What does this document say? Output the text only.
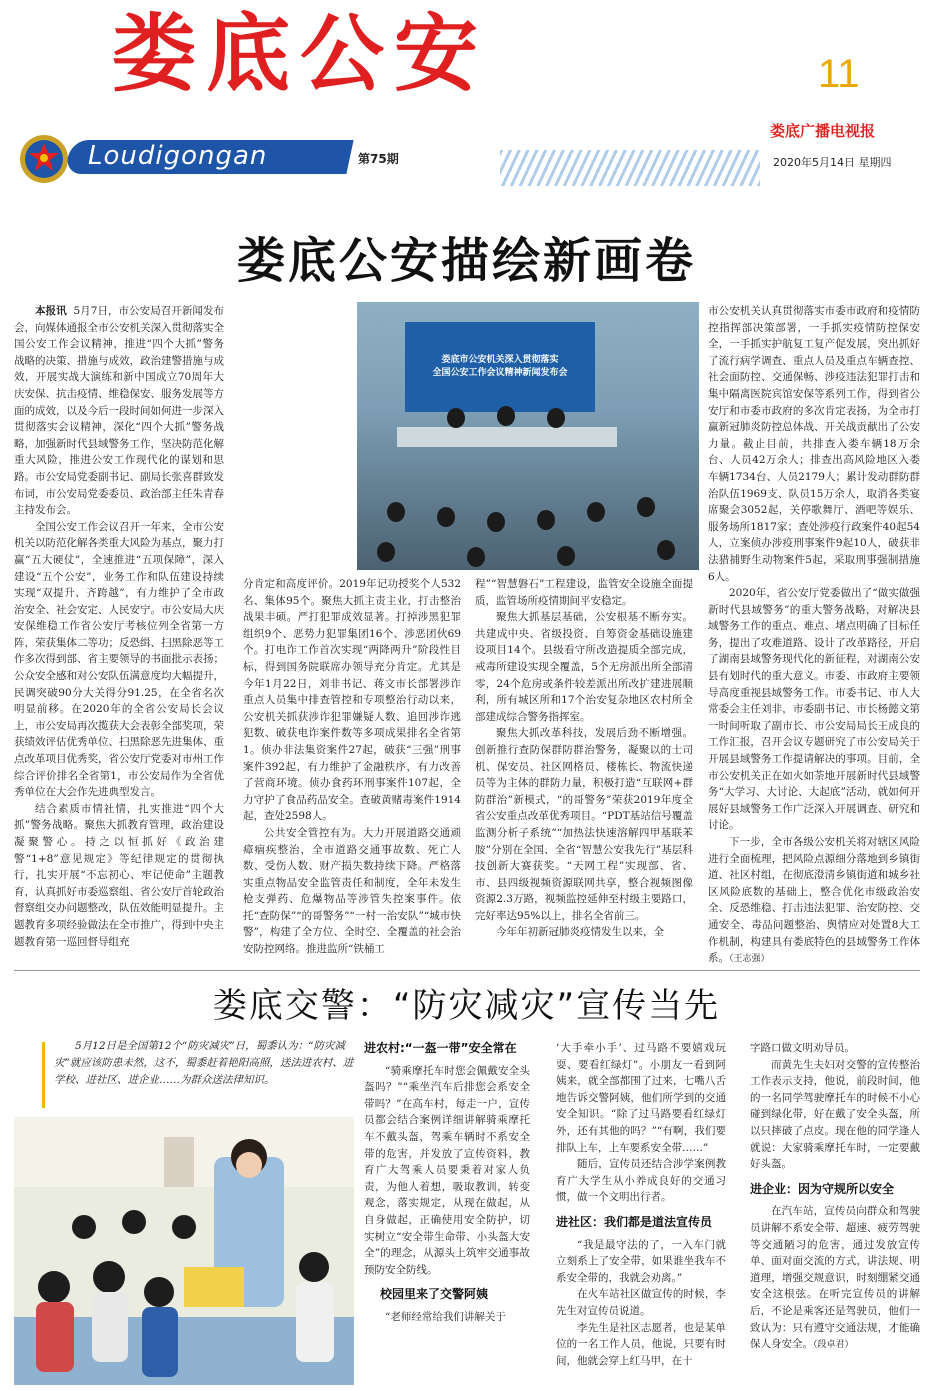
娄底公安	11
娄底广播电视报
2020年5月14日 星期四
Loudigongan	第75期
娄底公安描绘新画卷

本报讯 5月7日，市公安局召开新闻发布会，向媒体通报全市公安机关深入贯彻落实全国公安工作会议精神，推进“四个大抓”警务战略的决策、措施与成效，政治建警措施与成效，开展实战大演练和新中国成立70周年大庆安保、抗击疫情、维稳保安、服务发展等方面的成效，以及今后一段时间如何进一步深入贯彻落实会议精神，深化“四个大抓”警务战略，加强新时代县域警务工作，坚决防范化解重大风险，推进公安工作现代化的谋划和思路。市公安局党委副书记、副局长张喜群致发布词，市公安局党委委员、政治部主任朱青春主持发布会。

全国公安工作会议召开一年来，全市公安机关以防范化解各类重大风险为基点，聚力打赢“五大硬仗”，全速推进“五项保障”，深入建设“五个公安”，业务工作和队伍建设持续实现“双提升、齐跨越”，有力维护了全市政治安全、社会安定、人民安宁。市公安局大庆安保维稳工作省公安厅考核位列全省第一方阵，荣获集体二等功；反恐缉、扫黑除恶等工作多次得到部、省主要领导的书面批示表扬；公众安全感和对公安队伍满意度均大幅提升，民调突破90分大关得分91.25，在全省名次明显前移。在2020年的全省公安局长会议上，市公安局再次揽获大会表彰全部奖项，荣获绩效评估优秀单位、扫黑除恶先进集体、重点改革项目优秀奖，省公安厅党委对市州工作综合评价排名全省第1，市公安局作为全省优秀单位在大会作先进典型发言。

结合素质市情社情，扎实推进“四个大抓”警务战略。聚焦大抓教育管理，政治建设凝聚警心。持之以恒抓好《政治建警“1+8”意见规定》等纪律规定的贯彻执行，扎实开展“不忘初心、牢记使命”主题教育，认真抓好市委巡察组、省公安厅首轮政治督察组交办问题整改，队伍效能明显提升。主题教育多项经验做法在全市推广，得到中央主题教育第一巡回督导组充

娄底市公安机关深入贯彻落实
全国公安工作会议精神新闻发布会

分肯定和高度评价。2019年记功授奖个人532名、集体95个。聚焦大抓主责主业，打击整治战果丰硕。严打犯罪成效显著。打掉涉黑犯罪组织9个、恶势力犯罪集团16个、涉恶团伙69个。打电诈工作首次实现“两降两升”阶段性目标，得到国务院联席办领导充分肯定。尤其是今年1月22日，刘非书记、蒋文市长部署涉诈重点人员集中排查管控和专项整治行动以来，公安机关抓获涉诈犯罪嫌疑人数、追回涉诈逃犯数、破获电诈案件数等多项成果排名全省第1。侦办非法集资案件27起，破获“三强”刑事案件392起，有力维护了金融秩序，有力改善了营商环境。侦办食药环刑事案件107起，全力守护了食品药品安全。查破黄赌毒案件1914起，查处2598人。

公共安全管控有为。大力开展道路交通顽瘴痼疾整治，全市道路交通事故数、死亡人数、受伤人数、财产损失数持续下降。严格落实重点物品安全监管责任和制度，全年未发生枪支弹药、危爆物品等涉管失控案事件。依托“查防保”“的哥警务”“一村一治安队”“城市快警”，构建了全方位、全时空、全覆盖的社会治安防控网络。推进监所“铁桶工

程”“智慧磐石”工程建设，监管安全设施全面提质，监管场所疫情期间平安稳定。

聚焦大抓基层基础，公安根基不断夯实。共建成中央、省级投资、自筹资金基础设施建设项目14个。县级看守所改造提质全部完成，戒毒所建设实现全覆盖，5个无房派出所全部清零，24个危房或条件较差派出所改扩建进展顺利，所有城区所和17个治安复杂地区农村所全部建成综合警务指挥室。

聚焦大抓改革科技，发展后劲不断增强。创新推行查防保群防群治警务，凝聚以的士司机、保安员、社区网格员、楼栋长、物流快递员等为主体的群防力量，积极打造“互联网+群防群治”新模式，“的哥警务”荣获2019年度全省公安重点改革优秀项目。“PDT基站信号覆盖监测分析子系统”“加热法快速溶解四甲基联苯胺”分别在全国、全省“智慧公安我先行”基层科技创新大赛获奖。“天网工程”实现部、省、市、县四级视频资源联网共享，整合视频图像资源2.3万路，视频监控延伸至村级主要路口，完好率达95%以上，排名全省前三。

今年年初新冠肺炎疫情发生以来，全

市公安机关认真贯彻落实市委市政府和疫情防控指挥部决策部署，一手抓实疫情防控保安全，一手抓实护航复工复产促发展，突出抓好了流行病学调查、重点人员及重点车辆查控、社会面防控、交通保畅、涉疫违法犯罪打击和集中隔离医院宾馆安保等系列工作，得到省公安厅和市委市政府的多次肯定表扬，为全市打赢新冠肺炎防控总体战、开关战贡献出了公安力量。截止目前，共排查入娄车辆18万余台、人员42万余人；排查出高风险地区入娄车辆1734台、人员2179人；累计发动群防群治队伍1969支、队员15万余人，取消各类宴席聚会3052起，关停歌舞厅、酒吧等娱乐、服务场所1817家；查处涉疫行政案件40起54人，立案侦办涉疫刑事案件9起10人，破获非法猎捕野生动物案件5起，采取刑事强制措施6人。

2020年，省公安厅党委做出了“做实做强新时代县域警务”的重大警务战略，对解决县域警务工作的重点、难点、堵点明确了目标任务，提出了攻难道路、设计了改革路径，开启了湖南县域警务现代化的新征程，对湖南公安县有划时代的重大意义。市委、市政府主要领导高度重视县域警务工作。市委书记、市人大常委会主任刘非，市委副书记、市长杨懿文第一时间听取了副市长、市公安局局长王成良的工作汇报，召开会议专题研究了市公安局关于开展县域警务工作提请解决的事项。目前，全市公安机关正在如火如荼地开展新时代县域警务“大学习、大讨论、大起底”活动，就如何开展好县域警务工作广泛深入开展调查、研究和讨论。

下一步，全市各级公安机关将对辖区风险进行全面梳理，把风险点源细分落地到乡镇街道、社区村组，在彻底澄清乡镇街道和城乡社区风险底数的基础上，整合优化市级政治安全、反恐维稳、打击违法犯罪、治安防控、交通安全、毒品问题整治、舆情应对处置8大工作机制，构建具有娄底特色的县域警务工作体系。（王志强）

娄底交警：“防灾减灾”宣传当先
5月12日是全国第12个“防灾减灾”日，蜀黍认为：“防灾减灾”就应该防患未然，这不，蜀黍赶着艳阳高照，送法进农村、进学校、进社区、进企业……为群众送法律知识。
进农村:“一盔一带”安全常在

“骑乘摩托车时您会佩戴安全头盔吗？”“乘坐汽车后排您会系安全带吗？”在高车村，每走一户，宣传员都会结合案例详细讲解骑乘摩托车不戴头盔，驾乘车辆时不系安全带的危害，并发放了宣传资料，教育广大驾乘人员要秉着对家人负责，为他人着想，吸取教训，转变观念，落实规定，从现在做起，从自身做起，正确使用安全防护，切实树立“安全带生命带、小头盔大安全”的理念，从源头上筑牢交通事故预防安全防线。

校园里来了交警阿姨

“老师经常给我们讲解关于

‘大手牵小手’、过马路不要嬉戏玩耍、要看红绿灯”。小朋友一看到阿姨来，就全部都围了过来，七嘴八舌地告诉交警阿姨，他们所学到的交通安全知识。“除了过马路要看红绿灯外，还有其他的吗？”“有啊，我们要排队上车，上车要系安全带……”

随后，宣传员还结合涉学案例教育广大学生从小养成良好的交通习惯，做一个文明出行者。

进社区：我们都是道法宣传员

“我是最守法的了，一入车门就立刻系上了安全带，如果谁坐我车不系安全带的，我就会劝离。”

在火车站社区做宣传的时候，李先生对宣传员说道。

李先生是社区志愿者，也是某单位的一名工作人员，他说，只要有时间，他就会穿上红马甲，在十

字路口做文明劝导员。

而黄先生夫妇对交警的宣传整治工作表示支持，他说，前段时间，他的一名同学驾驶摩托车的时候不小心碰到绿化带，好在戴了安全头盔，所以只摔破了点皮。现在他的同学逢人就说：大家骑乘摩托车时，一定要戴好头盔。

进企业：因为守规所以安全

在汽车站，宣传员向群众和驾驶员讲解不系安全带、超速、疲劳驾驶等交通陋习的危害，通过发放宣传单、面对面交流的方式，讲法规、明道理，增强交规意识，时刻绷紧交通安全这根弦。在听完宣传员的讲解后，不论是乘客还是驾驶员，他们一致认为：只有遵守交通法规，才能确保人身安全。（段卓君）
